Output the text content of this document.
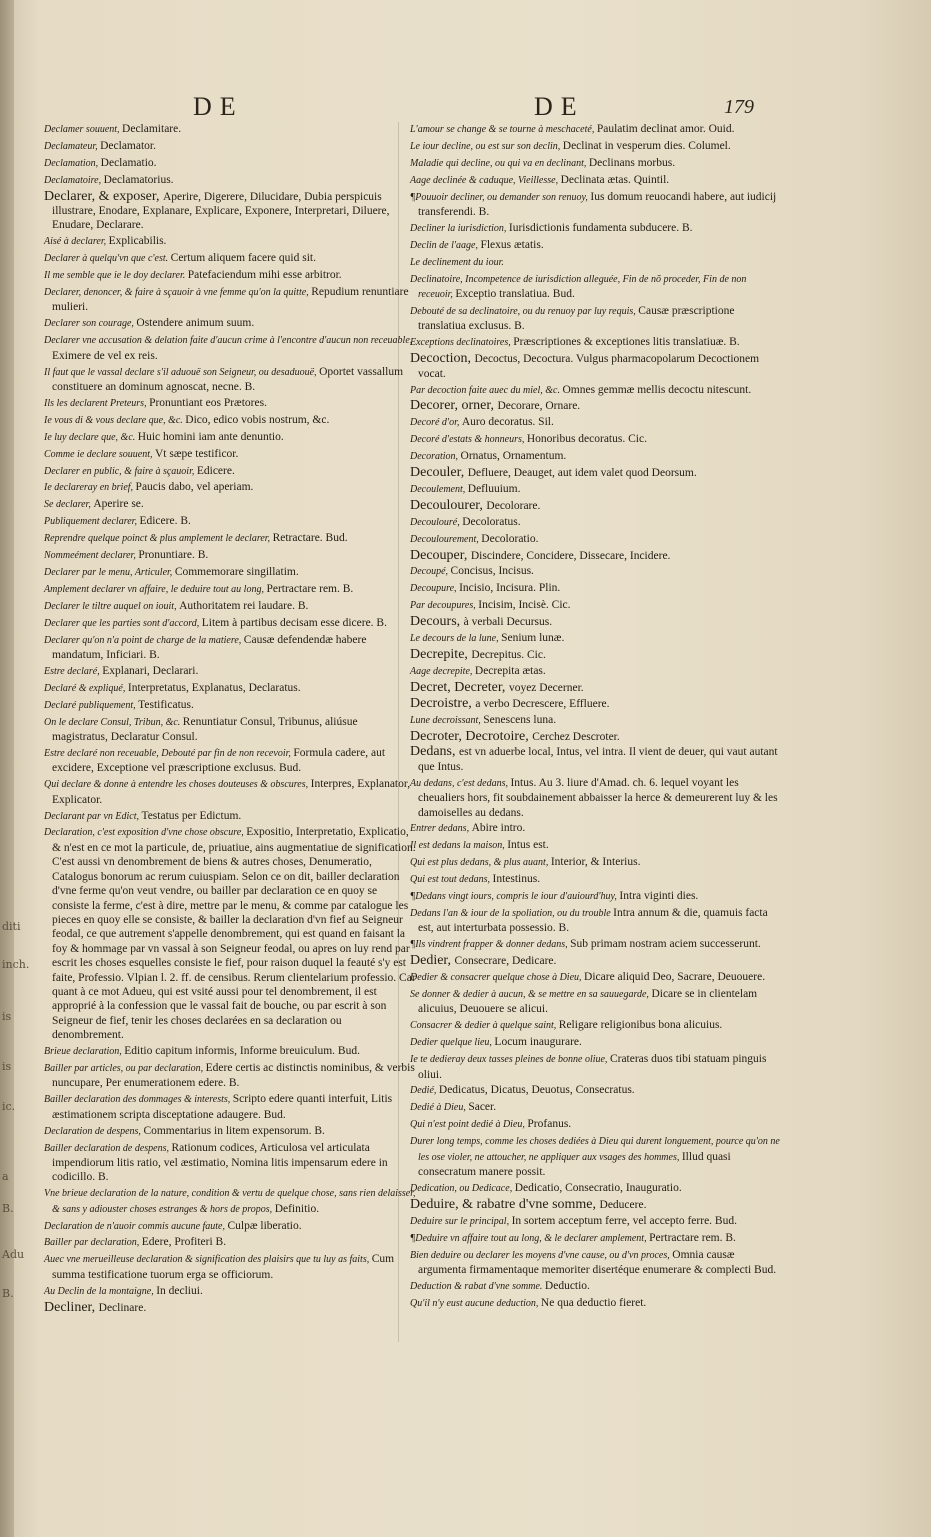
diti
inch.
is
is
ic.
a
B.
Adu
B.
DE	DE	179
Declamer souuent, Declamitare.
Declamateur, Declamator.
Declamation, Declamatio.
Declamatoire, Declamatorius.
Declarer, & exposer, Aperire, Digerere, Dilucidare, Dubia perspicuis illustrare, Enodare, Explanare, Explicare, Exponere, Interpretari, Diluere, Enudare, Declarare.
Aisé à declarer, Explicabilis.
Declarer à quelqu'vn que c'est. Certum aliquem facere quid sit.
Il me semble que ie le doy declarer. Patefaciendum mihi esse arbitror.
Declarer, denoncer, & faire à sçauoir à vne femme qu'on la quitte, Repudium renuntiare mulieri.
Declarer son courage, Ostendere animum suum.
Declarer vne accusation & delation faite d'aucun crime à l'encontre d'aucun non receuable,Eximere de vel ex reis.
Il faut que le vassal declare s'il aduouë son Seigneur, ou desaduouë, Oportet vassallum constituere an dominum agnoscat, necne. B.
Ils les declarent Preteurs, Pronuntiant eos Prætores.
Ie vous di & vous declare que, &c. Dico, edico vobis nostrum, &c.
Ie luy declare que, &c. Huic homini iam ante denuntio.
Comme ie declare souuent, Vt sæpe testificor.
Declarer en public, & faire à sçauoir, Edicere.
Ie declareray en brief, Paucis dabo, vel aperiam.
Se declarer, Aperire se.
Publiquement declarer, Edicere. B.
Reprendre quelque poinct & plus amplement le declarer, Retractare. Bud.
Nommeément declarer, Pronuntiare. B.
Declarer par le menu, Articuler, Commemorare singillatim.
Amplement declarer vn affaire, le deduire tout au long, Pertractare rem. B.
Declarer le tiltre auquel on iouit, Authoritatem rei laudare. B.
Declarer que les parties sont d'accord, Litem à partibus decisam esse dicere. B.
Declarer qu'on n'a point de charge de la matiere, Causæ defendendæ habere mandatum, Inficiari. B.
Estre declaré, Explanari, Declarari.
Declaré & expliqué, Interpretatus, Explanatus, Declaratus.
Declaré publiquement, Testificatus.
On le declare Consul, Tribun, &c. Renuntiatur Consul, Tribunus, aliúsue magistratus, Declaratur Consul.
Estre declaré non receuable, Debouté par fin de non recevoir, Formula cadere, aut excidere, Exceptione vel præscriptione exclusus. Bud.
Qui declare & donne à entendre les choses douteuses & obscures, Interpres, Explanator, Explicator.
Declarant par vn Edict, Testatus per Edictum.
Declaration, c'est exposition d'vne chose obscure, Expositio, Interpretatio, Explicatio, & n'est en ce mot la particule, de, priuatiue, ains augmentatiue de signification. C'est aussi vn denombrement de biens & autres choses, Denumeratio, Catalogus bonorum ac rerum cuiuspiam. Selon ce on dit, bailler declaration d'vne ferme qu'on veut vendre, ou bailler par declaration ce en quoy se consiste la ferme, c'est à dire, mettre par le menu, & comme par catalogue les pieces en quoy elle se consiste, & bailler la declaration d'vn fief au Seigneur feodal, ce que autrement s'appelle denombrement, qui est quand en faisant la foy & hommage par vn vassal à son Seigneur feodal, ou apres on luy rend par escrit les choses esquelles consiste le fief, pour raison duquel la feauté s'y est faite, Professio. Vlpian l. 2. ff. de censibus. Rerum clientelarium professio. Car quant à ce mot Adueu, qui est vsité aussi pour tel denombrement, il est approprié à la confession que le vassal fait de bouche, ou par escrit à son Seigneur de fief, tenir les choses declarées en sa declaration ou denombrement.
Brieue declaration, Editio capitum informis, Informe breuiculum. Bud.
Bailler par articles, ou par declaration, Edere certis ac distinctis nominibus, & verbis nuncupare, Per enumerationem edere. B.
Bailler declaration des dommages & interests, Scripto edere quanti interfuit, Litis æstimationem scripta disceptatione adaugere. Bud.
Declaration de despens, Commentarius in litem expensorum. B.
Bailler declaration de despens, Rationum codices, Articulosa vel articulata impendiorum litis ratio, vel æstimatio, Nomina litis impensarum edere in codicillo. B.
Vne brieue declaration de la nature, condition & vertu de quelque chose, sans rien delaisser, & sans y adiouster choses estranges & hors de propos, Definitio.
Declaration de n'auoir commis aucune faute, Culpæ liberatio.
Bailler par declaration, Edere, Profiteri B.
Auec vne merueilleuse declaration & signification des plaisirs que tu luy as faits, Cum summa testificatione tuorum erga se officiorum.
Au Declin de la montaigne, In decliui.
Decliner, Declinare.
L'amour se change & se tourne à meschaceté, Paulatim declinat amor. Ouid.
Le iour decline, ou est sur son declin, Declinat in vesperum dies. Columel.
Maladie qui decline, ou qui va en declinant, Declinans morbus.
Aage declinée & caduque, Vieillesse, Declinata ætas. Quintil.
¶Pouuoir decliner, ou demander son renuoy, Ius domum reuocandi habere, aut iudicij transferendi. B.
Decliner la iurisdiction, Iurisdictionis fundamenta subducere. B.
Declin de l'aage, Flexus ætatis.
Le declinement du iour.
Declinatoire, Incompetence de iurisdiction alleguée, Fin de nõ proceder, Fin de non receuoir, Exceptio translatiua. Bud.
Debouté de sa declinatoire, ou du renuoy par luy requis, Causæ præscriptione translatiua exclusus. B.
Exceptions declinatoires, Præscriptiones & exceptiones litis translatiuæ. B.
Decoction, Decoctus, Decoctura. Vulgus pharmacopolarum Decoctionem vocat.
Par decoction faite auec du miel, &c. Omnes gemmæ mellis decoctu nitescunt.
Decorer, orner, Decorare, Ornare.
Decoré d'or, Auro decoratus. Sil.
Decoré d'estats & honneurs, Honoribus decoratus. Cic.
Decoration, Ornatus, Ornamentum.
Decouler, Defluere, Deauget, aut idem valet quod Deorsum.
Decoulement, Defluuium.
Decoulourer, Decolorare.
Decoulouré, Decoloratus.
Decoulourement, Decoloratio.
Decouper, Discindere, Concidere, Dissecare, Incidere.
Decoupé, Concisus, Incisus.
Decoupure, Incisio, Incisura. Plin.
Par decoupures, Incisim, Incisè. Cic.
Decours, à verbali Decursus.
Le decours de la lune, Senium lunæ.
Decrepite, Decrepitus. Cic.
Aage decrepite, Decrepita ætas.
Decret, Decreter, voyez Decerner.
Decroistre, a verbo Decrescere, Effluere.
Lune decroissant, Senescens luna.
Decroter, Decrotoire, Cerchez Descroter.
Dedans, est vn aduerbe local, Intus, vel intra. Il vient de deuer, qui vaut autant que Intus.
Au dedans, c'est dedans, Intus. Au 3. liure d'Amad. ch. 6. lequel voyant les cheualiers hors, fit soubdainement abbaisser la herce & demeurerent luy & les damoiselles au dedans.
Entrer dedans, Abire intro.
Il est dedans la maison, Intus est.
Qui est plus dedans, & plus auant, Interior, & Interius.
Qui est tout dedans, Intestinus.
¶Dedans vingt iours, compris le iour d'auiourd'huy, Intra viginti dies.
Dedans l'an & iour de la spoliation, ou du trouble Intra annum & die, quamuis facta est, aut interturbata possessio. B.
¶Ils vindrent frapper & donner dedans, Sub primam nostram aciem successerunt.
Dedier, Consecrare, Dedicare.
Dedier & consacrer quelque chose à Dieu, Dicare aliquid Deo, Sacrare, Deuouere.
Se donner & dedier à aucun, & se mettre en sa sauuegarde, Dicare se in clientelam alicuius, Deuouere se alicui.
Consacrer & dedier à quelque saint, Religare religionibus bona alicuius.
Dedier quelque lieu, Locum inaugurare.
Ie te dedieray deux tasses pleines de bonne oliue, Crateras duos tibi statuam pinguis oliui.
Dedié, Dedicatus, Dicatus, Deuotus, Consecratus.
Dedié à Dieu, Sacer.
Qui n'est point dedié à Dieu, Profanus.
Durer long temps, comme les choses dediées à Dieu qui durent longuement, pource qu'on ne les ose violer, ne attoucher, ne appliquer aux vsages des hommes, Illud quasi consecratum manere possit.
Dedication, ou Dedicace, Dedicatio, Consecratio, Inauguratio.
Deduire, & rabatre d'vne somme, Deducere.
Deduire sur le principal, In sortem acceptum ferre, vel accepto ferre. Bud.
¶Deduire vn affaire tout au long, & le declarer amplement, Pertractare rem. B.
Bien deduire ou declarer les moyens d'vne cause, ou d'vn proces, Omnia causæ argumenta firmamentaque memoriter disertéque enumerare & complecti Bud.
Deduction & rabat d'vne somme. Deductio.
Qu'il n'y eust aucune deduction, Ne qua deductio fieret.
